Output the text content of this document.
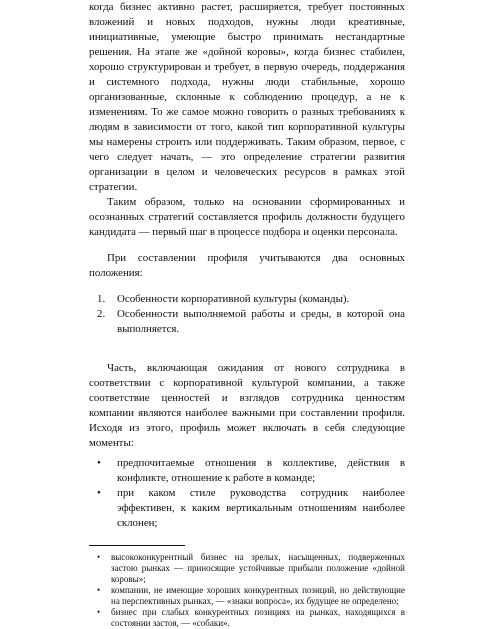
когда бизнес активно растет, расширяется, требует постоянных вложений и новых подходов, нужны люди креативные, инициативные, умеющие быстро принимать нестандартные решения. На этапе же «дойной коровы», когда бизнес стабилен, хорошо структурирован и требует, в первую очередь, поддержания и системного подхода, нужны люди стабильные, хорошо организованные, склонные к соблюдению процедур, а не к изменениям. То же самое можно говорить о разных требованиях к людям в зависимости от того, какой тип корпоративной культуры мы намерены строить или поддерживать. Таким образом, первое, с чего следует начать, — это определение стратегии развития организации в целом и человеческих ресурсов в рамках этой стратегии.

Таким образом, только на основании сформированных и осознанных стратегий составляется профиль должности будущего кандидата — первый шаг в процессе подбора и оценки персонала.

При составлении профиля учитываются два основных положения:

1. Особенности корпоративной культуры (команды).
2. Особенности выполняемой работы и среды, в которой она выполняется.

Часть, включающая ожидания от нового сотрудника в соответствии с корпоративной культурой компании, а также соответствие ценностей и взглядов сотрудника ценностям компании являются наиболее важными при составлении профиля. Исходя из этого, профиль может включать в себя следующие моменты:

• предпочитаемые отношения в коллективе, действия в конфликте, отношение к работе в команде;
• при каком стиле руководства сотрудник наиболее эффективен, к каким вертикальным отношениям наиболее склонен;
• высококонкурентный бизнес на зрелых, насыщенных, подверженных застою рынках — приносящие устойчивые прибыли положение «дойной коровы»;
• компании, не имеющие хороших конкурентных позиций, но действующие на перспективных рынках, — «знаки вопроса», их будущее не определено;
• бизнес при слабых конкурентных позициях на рынках, находящихся в состоянии застоя, — «собаки».
